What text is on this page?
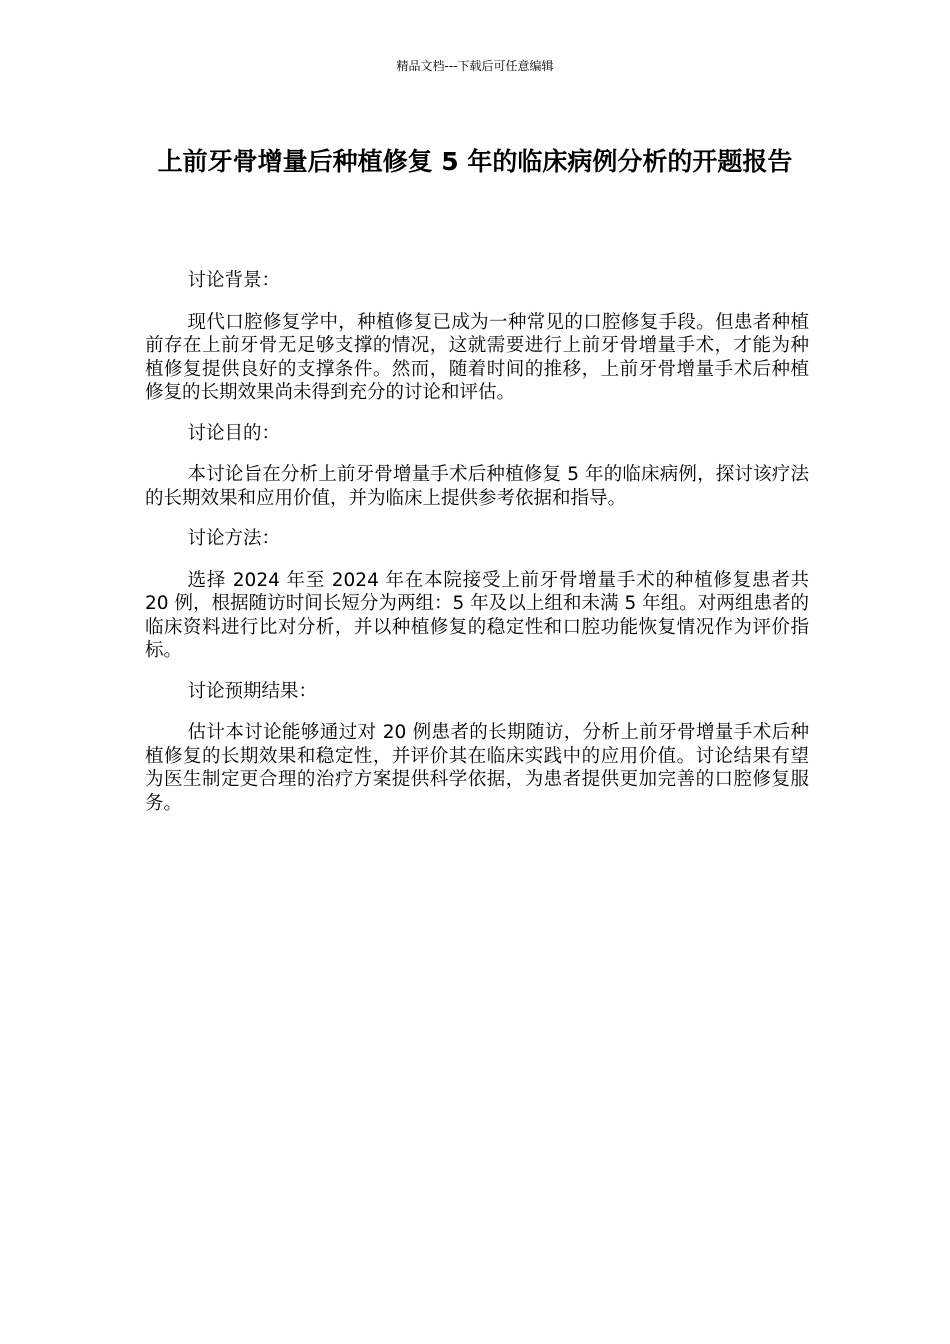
精品文档---下载后可任意编辑
上前牙骨增量后种植修复 5 年的临床病例分析的开题报告

讨论背景：

现代口腔修复学中，种植修复已成为一种常见的口腔修复手段。但患者种植前存在上前牙骨无足够支撑的情况，这就需要进行上前牙骨增量手术，才能为种植修复提供良好的支撑条件。然而，随着时间的推移，上前牙骨增量手术后种植修复的长期效果尚未得到充分的讨论和评估。

讨论目的：

本讨论旨在分析上前牙骨增量手术后种植修复 5 年的临床病例，探讨该疗法的长期效果和应用价值，并为临床上提供参考依据和指导。

讨论方法：

选择 2024 年至 2024 年在本院接受上前牙骨增量手术的种植修复患者共 20 例，根据随访时间长短分为两组：5 年及以上组和未满 5 年组。对两组患者的临床资料进行比对分析，并以种植修复的稳定性和口腔功能恢复情况作为评价指标。

讨论预期结果：

估计本讨论能够通过对 20 例患者的长期随访，分析上前牙骨增量手术后种植修复的长期效果和稳定性，并评价其在临床实践中的应用价值。讨论结果有望为医生制定更合理的治疗方案提供科学依据，为患者提供更加完善的口腔修复服务。
